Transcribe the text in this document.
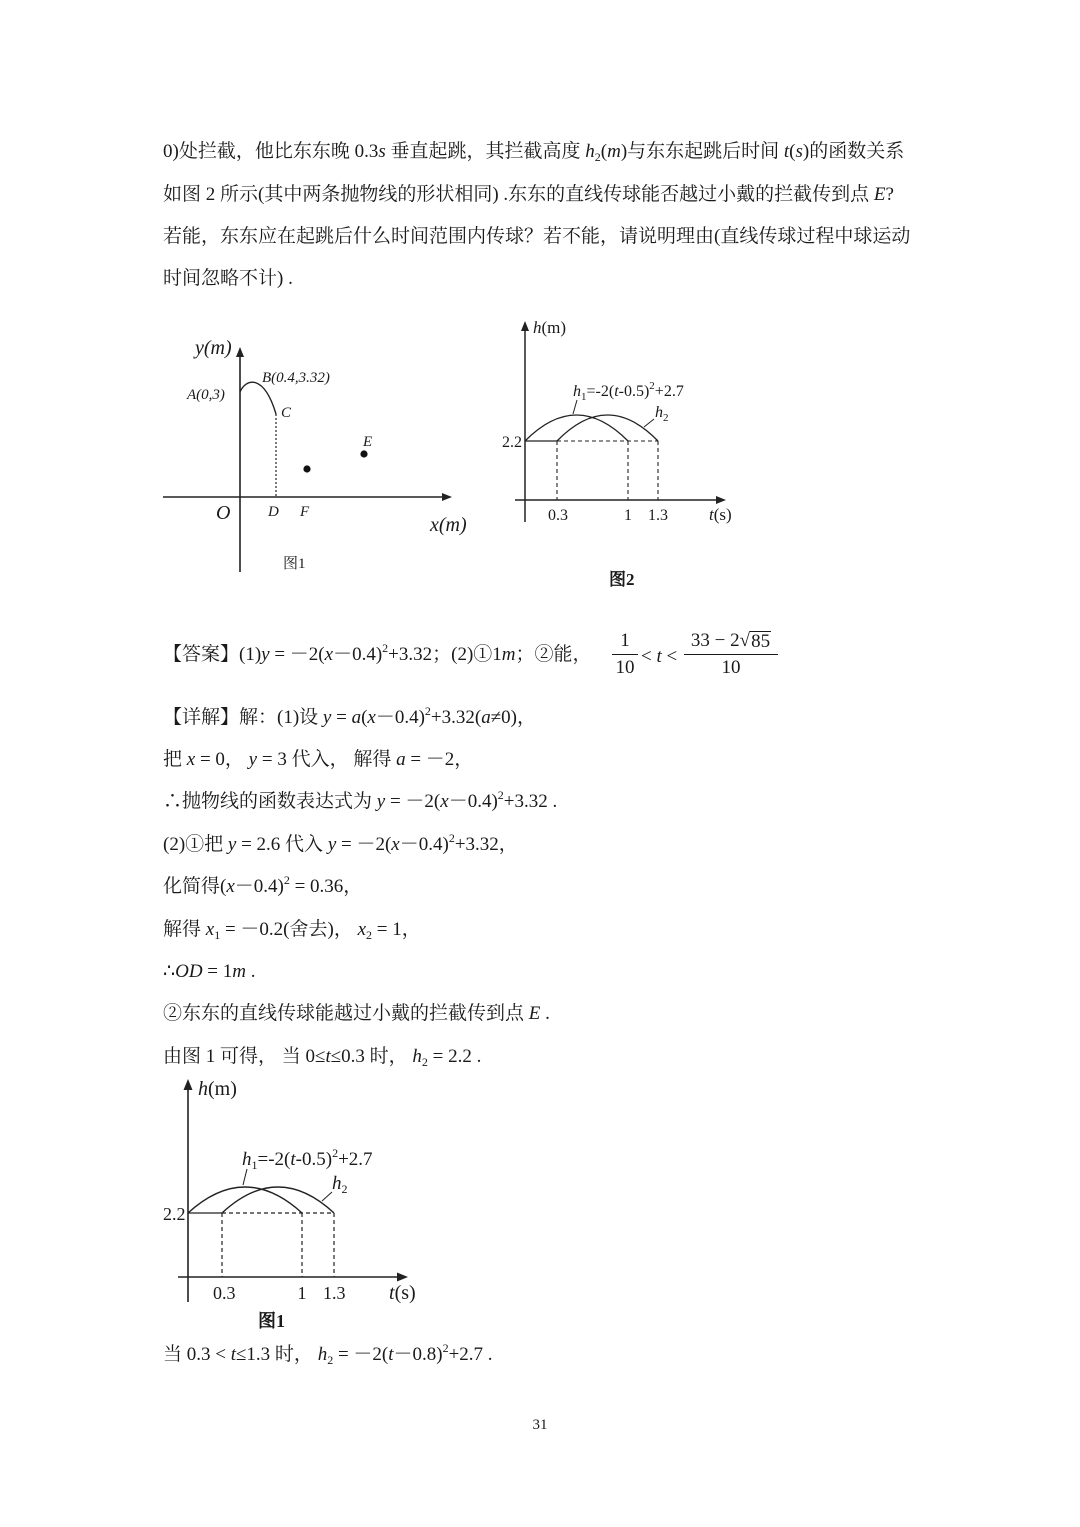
0)处拦截，他比东东晚 0.3s 垂直起跳，其拦截高度 $h_2(m)$与东东起跳后时间 t(s)的函数关系
如图 2 所示(其中两条抛物线的形状相同) .东东的直线传球能否越过小戴的拦截传到点 E?
若能，东东应在起跳后什么时间范围内传球？若不能，请说明理由(直线传球过程中球运动
时间忽略不计) .
y(m)
A(0,3)
B(0.4,3.32)
C
E
O	D F
x(m)
图1
h(m)
h1=-2(t-0.5)2+2.7
h2
2.2
0.3	1 1.3 t(s)
图2
【答案】$(1)y = -2(x-0.4)^2+3.32$；(2)①1m；②能，
1
10
< t <
33 − 2 √ 85
10
【详解】解：(1)设 $y = a(x-0.4)^2+3.32(a\ne 0)$，
把 x = 0， y = 3 代入， 解得 a = －2，
∴抛物线的函数表达式为 $y = -2(x-0.4)^2+3.32$ .
(2)①把 y = 2.6 代入 $y = -2(x-0.4)^2+3.32$，
化简得$(x-0.4)^2 = 0.36$，
解得 $x_1 = -0.2$(舍去)， $x_2 = 1$，
∴OD = 1m .
②东东的直线传球能越过小戴的拦截传到点 E .
由图 1 可得， 当 0≤t≤0.3 时， $h_2 = 2.2$ .
h(m)
h1=-2(t-0.5)2+2.7
h2
2.2
0.3	1 1.3 t(s)
图1
当 0.3 < t≤1.3 时， $h_2 = -2(t-0.8)^2+2.7$ .
31
